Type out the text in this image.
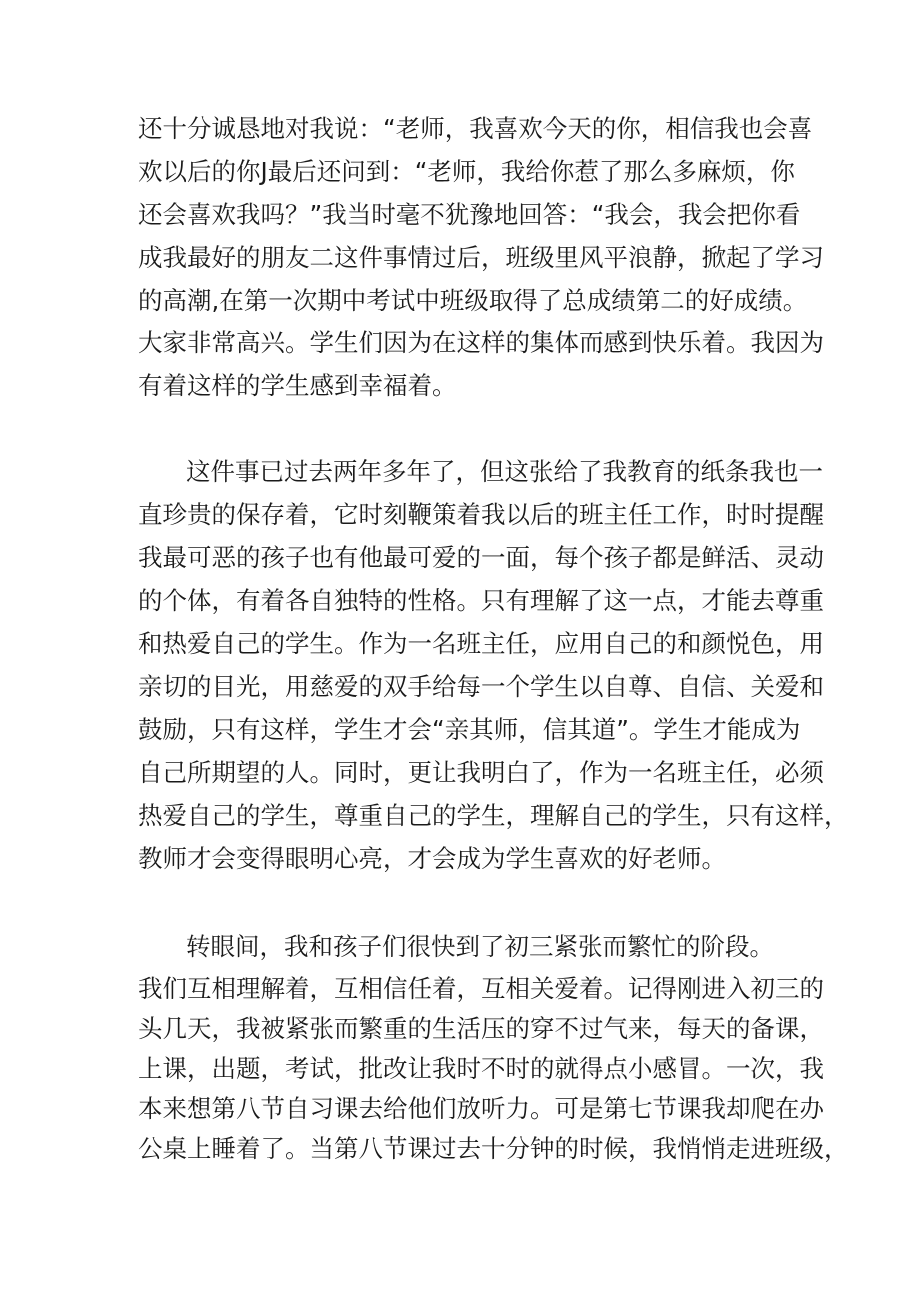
还十分诚恳地对我说：“老师，我喜欢今天的你，相信我也会喜
欢以后的你J最后还问到：“老师，我给你惹了那么多麻烦，你
还会喜欢我吗？”我当时毫不犹豫地回答：“我会，我会把你看
成我最好的朋友二这件事情过后，班级里风平浪静，掀起了学习
的高潮,在第一次期中考试中班级取得了总成绩第二的好成绩。
大家非常高兴。学生们因为在这样的集体而感到快乐着。我因为
有着这样的学生感到幸福着。
这件事已过去两年多年了，但这张给了我教育的纸条我也一
直珍贵的保存着，它时刻鞭策着我以后的班主任工作，时时提醒
我最可恶的孩子也有他最可爱的一面，每个孩子都是鲜活、灵动
的个体，有着各自独特的性格。只有理解了这一点，才能去尊重
和热爱自己的学生。作为一名班主任，应用自己的和颜悦色，用
亲切的目光，用慈爱的双手给每一个学生以自尊、自信、关爱和
鼓励，只有这样，学生才会“亲其师，信其道”。学生才能成为
自己所期望的人。同时，更让我明白了，作为一名班主任，必须
热爱自己的学生，尊重自己的学生，理解自己的学生，只有这样，
教师才会变得眼明心亮，才会成为学生喜欢的好老师。
转眼间，我和孩子们很快到了初三紧张而繁忙的阶段。
我们互相理解着，互相信任着，互相关爱着。记得刚进入初三的
头几天，我被紧张而繁重的生活压的穿不过气来，每天的备课，
上课，出题，考试，批改让我时不时的就得点小感冒。一次，我
本来想第八节自习课去给他们放听力。可是第七节课我却爬在办
公桌上睡着了。当第八节课过去十分钟的时候，我悄悄走进班级，
